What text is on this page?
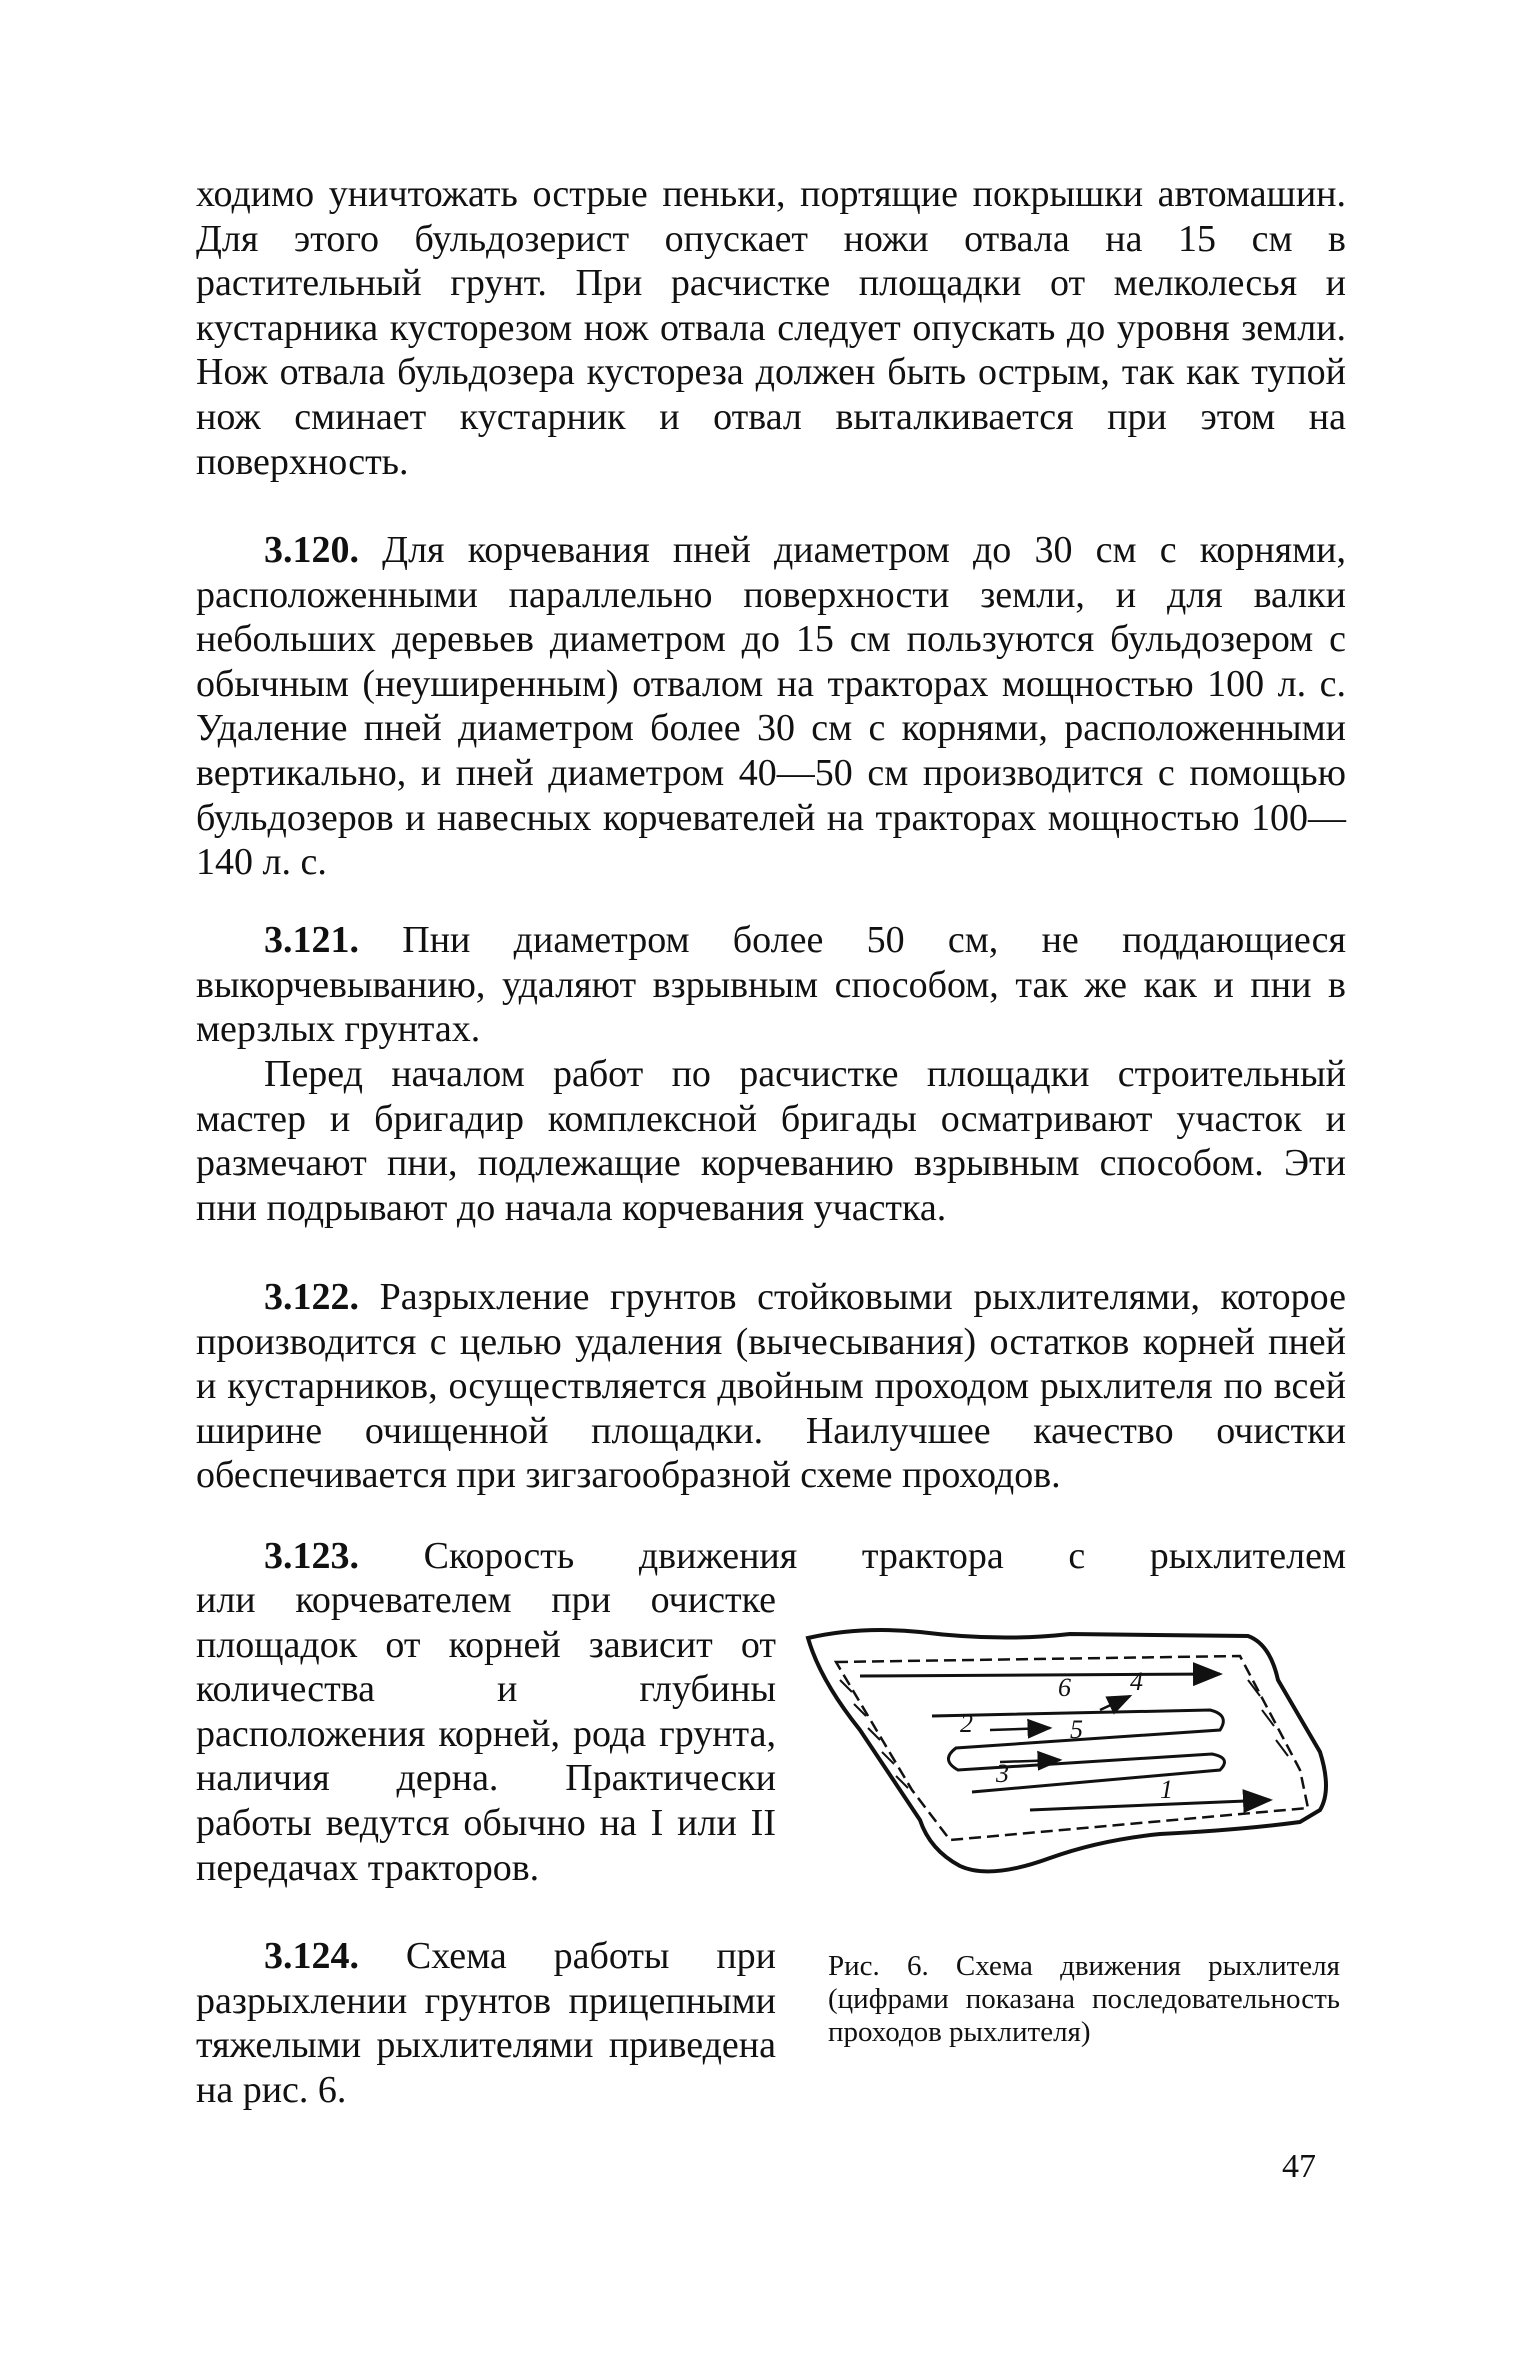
ходимо уничтожать острые пеньки, портящие покрышки автомашин. Для этого бульдозерист опускает ножи отвала на 15 см в растительный грунт. При расчистке площадки от мелколесья и кустарника кусторезом нож отвала следует опускать до уровня земли. Нож отвала бульдозера кустореза должен быть острым, так как тупой нож сминает кустарник и отвал выталкивается при этом на поверхность.

3.120. Для корчевания пней диаметром до 30 см с корнями, расположенными параллельно поверхности земли, и для валки небольших деревьев диаметром до 15 см пользуются бульдозером с обычным (неуширенным) отвалом на тракторах мощностью 100 л. с. Удаление пней диаметром более 30 см с корнями, расположенными вертикально, и пней диаметром 40—50 см производится с помощью бульдозеров и навесных корчевателей на тракторах мощностью 100—140 л. с.

3.121. Пни диаметром более 50 см, не поддающиеся выкорчевыванию, удаляют взрывным способом, так же как и пни в мерзлых грунтах.

Перед началом работ по расчистке площадки строительный мастер и бригадир комплексной бригады осматривают участок и размечают пни, подлежащие корчеванию взрывным способом. Эти пни подрывают до начала корчевания участка.

3.122. Разрыхление грунтов стойковыми рыхлителями, которое производится с целью удаления (вычесывания) остатков корней пней и кустарников, осуществляется двойным проходом рыхлителя по всей ширине очищенной площадки. Наилучшее качество очистки обеспечивается при зигзагообразной схеме проходов.

3.123. Скорость движения трактора с рыхлителем

или корчевателем при очистке площадок от корней зависит от количества и глубины расположения корней, рода грунта, наличия дерна. Практически работы ведутся обычно на I или II передачах тракторов.

3.124. Схема работы при разрыхлении грунтов прицепными тяжелыми рыхлителями приведена на рис. 6.

1
2
3
4
5
6

Рис. 6. Схема движения рыхлителя (цифрами показана последовательность проходов рыхлителя)

47
